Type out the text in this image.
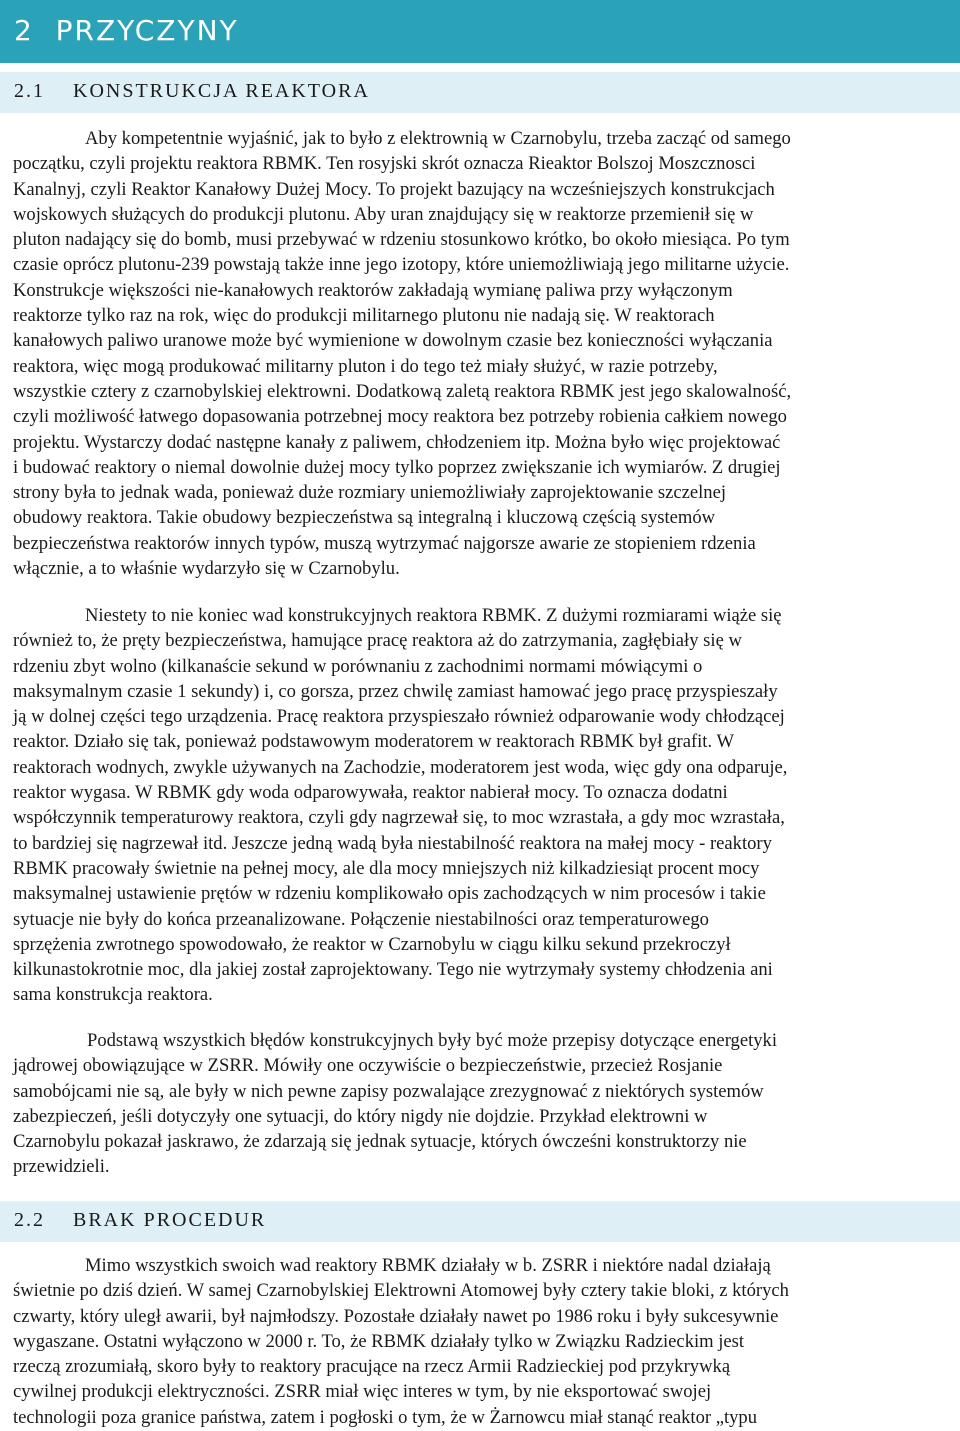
2 PRZYCZYNY
2.1 KONSTRUKCJA REAKTORA

Aby kompetentnie wyjaśnić, jak to było z elektrownią w Czarnobylu, trzeba zacząć od samego
początku, czyli projektu reaktora RBMK. Ten rosyjski skrót oznacza Rieaktor Bolszoj Moszcznosci
Kanalnyj, czyli Reaktor Kanałowy Dużej Mocy. To projekt bazujący na wcześniejszych konstrukcjach
wojskowych służących do produkcji plutonu. Aby uran znajdujący się w reaktorze przemienił się w
pluton nadający się do bomb, musi przebywać w rdzeniu stosunkowo krótko, bo około miesiąca. Po tym
czasie oprócz plutonu-239 powstają także inne jego izotopy, które uniemożliwiają jego militarne użycie.
Konstrukcje większości nie-kanałowych reaktorów zakładają wymianę paliwa przy wyłączonym
reaktorze tylko raz na rok, więc do produkcji militarnego plutonu nie nadają się. W reaktorach
kanałowych paliwo uranowe może być wymienione w dowolnym czasie bez konieczności wyłączania
reaktora, więc mogą produkować militarny pluton i do tego też miały służyć, w razie potrzeby,
wszystkie cztery z czarnobylskiej elektrowni. Dodatkową zaletą reaktora RBMK jest jego skalowalność,
czyli możliwość łatwego dopasowania potrzebnej mocy reaktora bez potrzeby robienia całkiem nowego
projektu. Wystarczy dodać następne kanały z paliwem, chłodzeniem itp. Można było więc projektować
i budować reaktory o niemal dowolnie dużej mocy tylko poprzez zwiększanie ich wymiarów. Z drugiej
strony była to jednak wada, ponieważ duże rozmiary uniemożliwiały zaprojektowanie szczelnej
obudowy reaktora. Takie obudowy bezpieczeństwa są integralną i kluczową częścią systemów
bezpieczeństwa reaktorów innych typów, muszą wytrzymać najgorsze awarie ze stopieniem rdzenia
włącznie, a to właśnie wydarzyło się w Czarnobylu.

Niestety to nie koniec wad konstrukcyjnych reaktora RBMK. Z dużymi rozmiarami wiąże się
również to, że pręty bezpieczeństwa, hamujące pracę reaktora aż do zatrzymania, zagłębiały się w
rdzeniu zbyt wolno (kilkanaście sekund w porównaniu z zachodnimi normami mówiącymi o
maksymalnym czasie 1 sekundy) i, co gorsza, przez chwilę zamiast hamować jego pracę przyspieszały
ją w dolnej części tego urządzenia. Pracę reaktora przyspieszało również odparowanie wody chłodzącej
reaktor. Działo się tak, ponieważ podstawowym moderatorem w reaktorach RBMK był grafit. W
reaktorach wodnych, zwykle używanych na Zachodzie, moderatorem jest woda, więc gdy ona odparuje,
reaktor wygasa. W RBMK gdy woda odparowywała, reaktor nabierał mocy. To oznacza dodatni
współczynnik temperaturowy reaktora, czyli gdy nagrzewał się, to moc wzrastała, a gdy moc wzrastała,
to bardziej się nagrzewał itd. Jeszcze jedną wadą była niestabilność reaktora na małej mocy - reaktory
RBMK pracowały świetnie na pełnej mocy, ale dla mocy mniejszych niż kilkadziesiąt procent mocy
maksymalnej ustawienie prętów w rdzeniu komplikowało opis zachodzących w nim procesów i takie
sytuacje nie były do końca przeanalizowane. Połączenie niestabilności oraz temperaturowego
sprzężenia zwrotnego spowodowało, że reaktor w Czarnobylu w ciągu kilku sekund przekroczył
kilkunastokrotnie moc, dla jakiej został zaprojektowany. Tego nie wytrzymały systemy chłodzenia ani
sama konstrukcja reaktora.

Podstawą wszystkich błędów konstrukcyjnych były być może przepisy dotyczące energetyki
jądrowej obowiązujące w ZSRR. Mówiły one oczywiście o bezpieczeństwie, przecież Rosjanie
samobójcami nie są, ale były w nich pewne zapisy pozwalające zrezygnować z niektórych systemów
zabezpieczeń, jeśli dotyczyły one sytuacji, do który nigdy nie dojdzie. Przykład elektrowni w
Czarnobylu pokazał jaskrawo, że zdarzają się jednak sytuacje, których ówcześni konstruktorzy nie
przewidzieli.

2.2 BRAK PROCEDUR

Mimo wszystkich swoich wad reaktory RBMK działały w b. ZSRR i niektóre nadal działają
świetnie po dziś dzień. W samej Czarnobylskiej Elektrowni Atomowej były cztery takie bloki, z których
czwarty, który uległ awarii, był najmłodszy. Pozostałe działały nawet po 1986 roku i były sukcesywnie
wygaszane. Ostatni wyłączono w 2000 r. To, że RBMK działały tylko w Związku Radzieckim jest
rzeczą zrozumiałą, skoro były to reaktory pracujące na rzecz Armii Radzieckiej pod przykrywką
cywilnej produkcji elektryczności. ZSRR miał więc interes w tym, by nie eksportować swojej
technologii poza granice państwa, zatem i pogłoski o tym, że w Żarnowcu miał stanąć reaktor „typu
